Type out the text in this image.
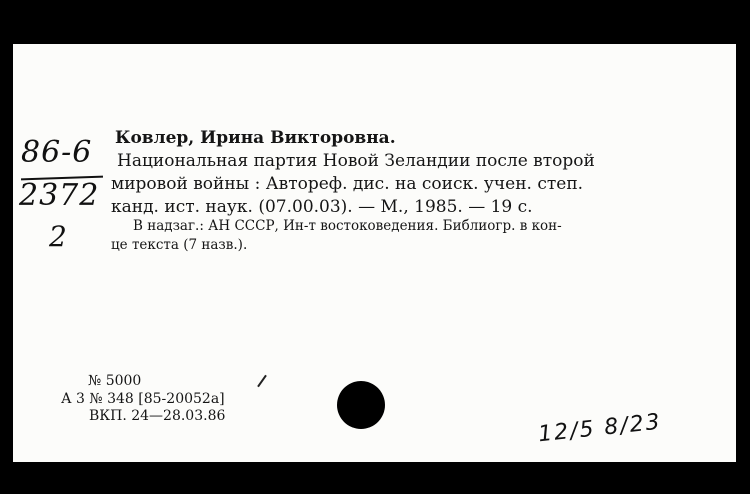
86-6
2372
2
Ковлер, Ирина Викторовна.
Национальная партия Новой Зеландии после второй
мировой войны : Автореф. дис. на соиск. учен. степ.
канд. ист. наук. (07.00.03). — М., 1985. — 19 с.
В надзаг.: АН СССР, Ин-т востоковедения. Библиогр. в кон-
це текста (7 назв.).
№ 5000
А 3 № 348 [85-20052а]
ВКП. 24—28.03.86	12/5 8/23
